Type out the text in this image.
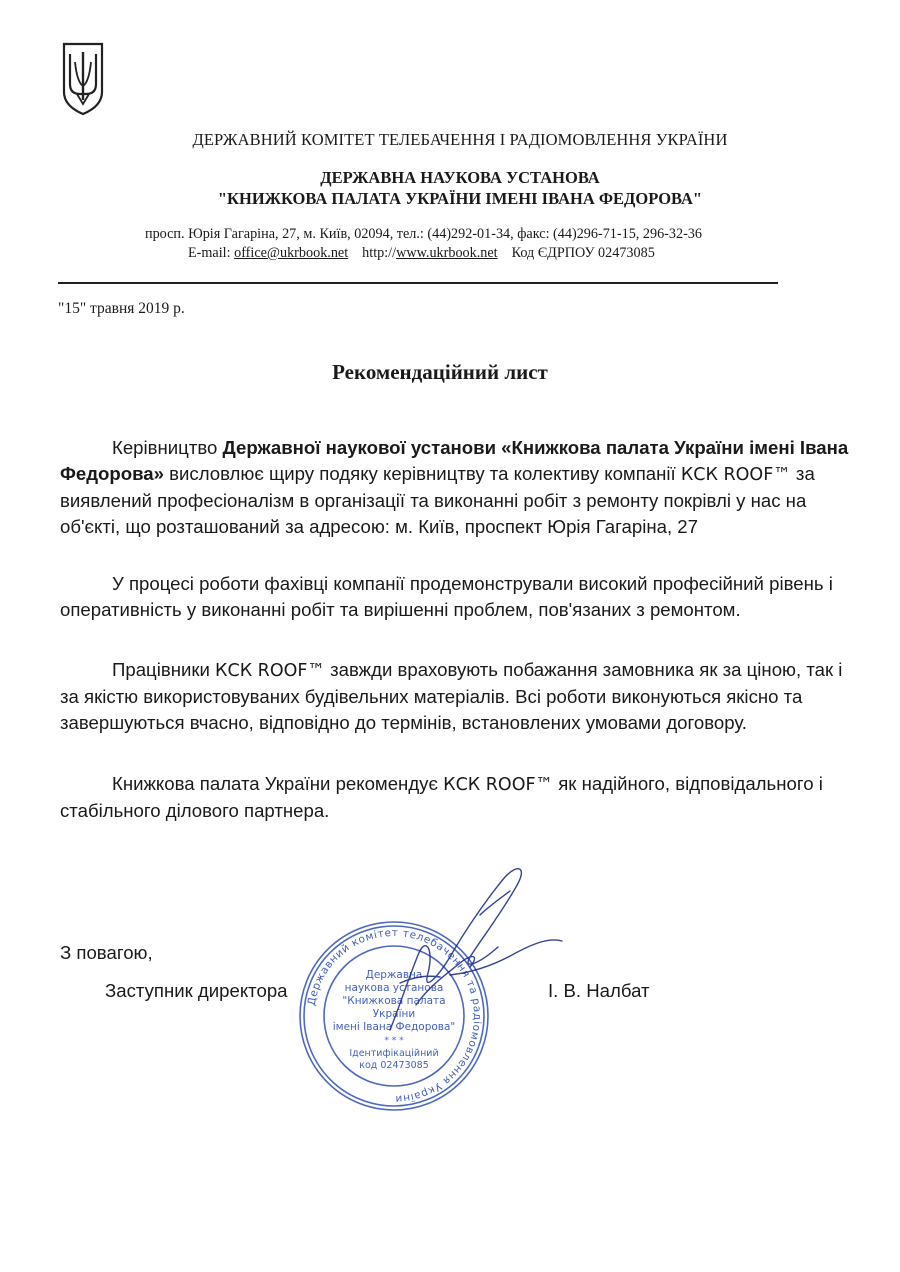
ДЕРЖАВНИЙ КОМІТЕТ ТЕЛЕБАЧЕННЯ І РАДІОМОВЛЕННЯ УКРАЇНИ
ДЕРЖАВНА НАУКОВА УСТАНОВА
"КНИЖКОВА ПАЛАТА УКРАЇНИ ІМЕНІ ІВАНА ФЕДОРОВА"
просп. Юрія Гагаріна, 27, м. Київ, 02094, тел.: (44)292-01-34, факс: (44)296-71-15, 296-32-36
E-mail: office@ukrbook.net http://www.ukrbook.net Код ЄДРПОУ 02473085
"15" травня 2019 р.
Рекомендаційний лист
Керівництво Державної наукової установи «Книжкова палата України імені Івана Федорова» висловлює щиру подяку керівництву та колективу компанії КСК ROOF™ за виявлений професіоналізм в організації та виконанні робіт з ремонту покрівлі у нас на об'єкті, що розташований за адресою: м. Київ, проспект Юрія Гагаріна, 27
У процесі роботи фахівці компанії продемонстрували високий професійний рівень і оперативність у виконанні робіт та вирішенні проблем, пов'язаних з ремонтом.
Працівники КСК ROOF™ завжди враховують побажання замовника як за ціною, так і за якістю використовуваних будівельних матеріалів. Всі роботи виконуються якісно та завершуються вчасно, відповідно до термінів, встановлених умовами договору.
Книжкова палата України рекомендує КСК ROOF™ як надійного, відповідального і стабільного ділового партнера.
З повагою,
Заступник директора	І. В. Налбат
Державний комітет телебачення та радіомовлення України
Державна
наукова установа
"Книжкова палата
України
імені Івана Федорова"
* * *
Ідентифікаційний
код 02473085
